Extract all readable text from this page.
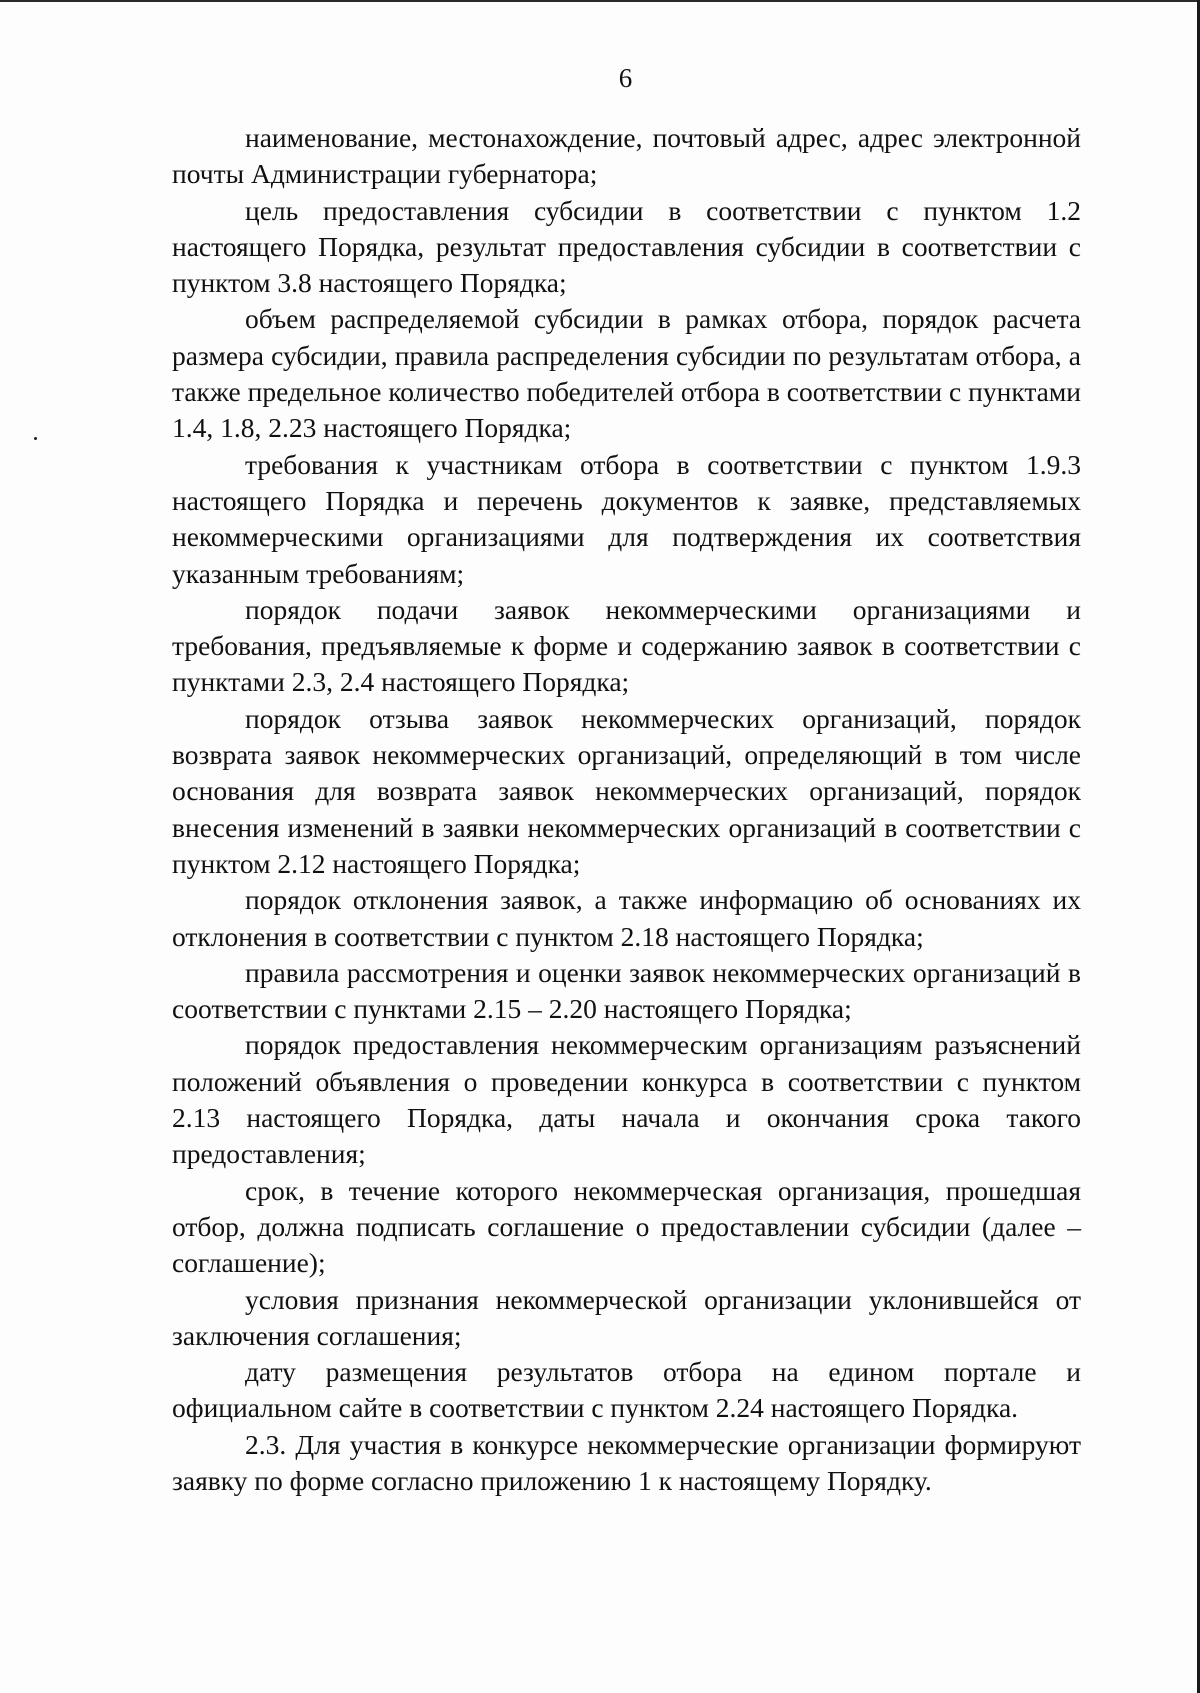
6

наименование, местонахождение, почтовый адрес, адрес электронной почты Администрации губернатора;

цель предоставления субсидии в соответствии с пунктом 1.2 настоящего Порядка, результат предоставления субсидии в соответствии с пунктом 3.8 настоящего Порядка;

объем распределяемой субсидии в рамках отбора, порядок расчета размера субсидии, правила распределения субсидии по результатам отбора, а также предельное количество победителей отбора в соответствии с пунктами 1.4, 1.8, 2.23 настоящего Порядка;

требования к участникам отбора в соответствии с пунктом 1.9.3 настоящего Порядка и перечень документов к заявке, представляемых некоммерческими организациями для подтверждения их соответствия указанным требованиям;

порядок подачи заявок некоммерческими организациями и требования, предъявляемые к форме и содержанию заявок в соответствии с пунктами 2.3, 2.4 настоящего Порядка;

порядок отзыва заявок некоммерческих организаций, порядок возврата заявок некоммерческих организаций, определяющий в том числе основания для возврата заявок некоммерческих организаций, порядок внесения изменений в заявки некоммерческих организаций в соответствии с пунктом 2.12 настоящего Порядка;

порядок отклонения заявок, а также информацию об основаниях их отклонения в соответствии с пунктом 2.18 настоящего Порядка;

правила рассмотрения и оценки заявок некоммерческих организаций в соответствии с пунктами 2.15 – 2.20 настоящего Порядка;

порядок предоставления некоммерческим организациям разъяснений положений объявления о проведении конкурса в соответствии с пунктом 2.13 настоящего Порядка, даты начала и окончания срока такого предоставления;

срок, в течение которого некоммерческая организация, прошедшая отбор, должна подписать соглашение о предоставлении субсидии (далее – соглашение);

условия признания некоммерческой организации уклонившейся от заключения соглашения;

дату размещения результатов отбора на едином портале и официальном сайте в соответствии с пунктом 2.24 настоящего Порядка.

2.3. Для участия в конкурсе некоммерческие организации формируют заявку по форме согласно приложению 1 к настоящему Порядку.
